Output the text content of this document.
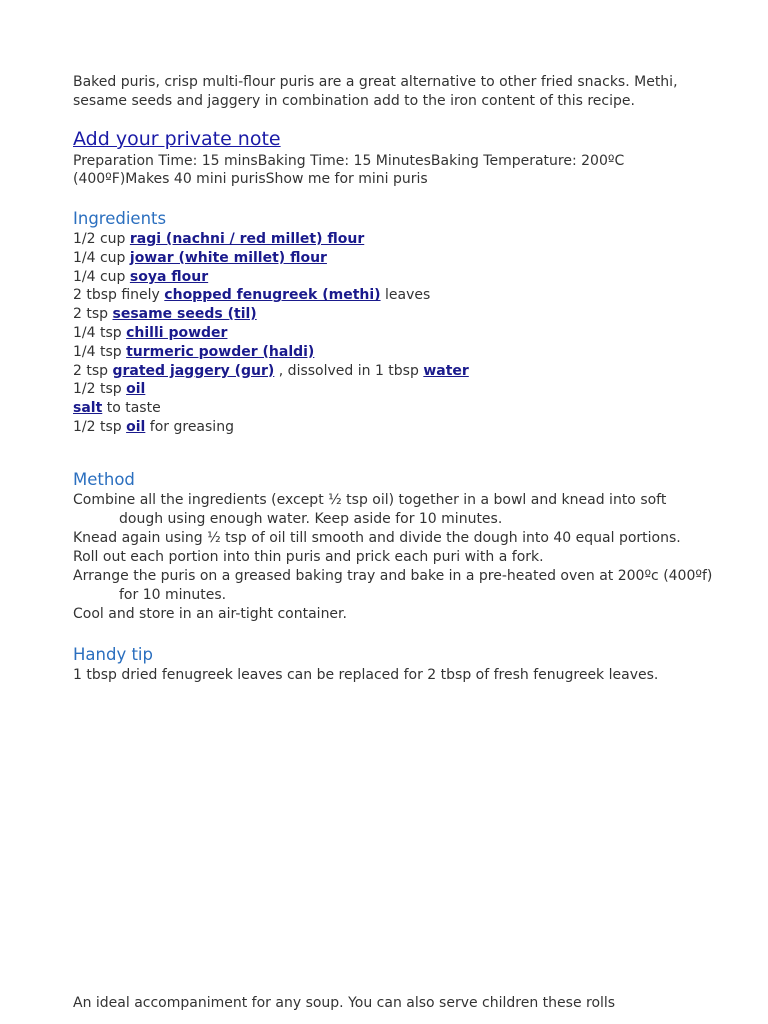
Baked puris, crisp multi-flour puris are a great alternative to other fried snacks. Methi, sesame seeds and jaggery in combination add to the iron content of this recipe.

Add your private note
Preparation Time: 15 minsBaking Time: 15 MinutesBaking Temperature: 200ºC (400ºF)Makes 40 mini purisShow me for mini puris
Ingredients
1/2 cup ragi (nachni / red millet) flour
1/4 cup jowar (white millet) flour
1/4 cup soya flour
2 tbsp finely chopped fenugreek (methi) leaves
2 tsp sesame seeds (til)
1/4 tsp chilli powder
1/4 tsp turmeric powder (haldi)
2 tsp grated jaggery (gur) , dissolved in 1 tbsp water
1/2 tsp oil
salt to taste
1/2 tsp oil for greasing
Method
Combine all the ingredients (except ½ tsp oil) together in a bowl and knead into soft dough using enough water. Keep aside for 10 minutes.
Knead again using ½ tsp of oil till smooth and divide the dough into 40 equal portions.
Roll out each portion into thin puris and prick each puri with a fork.
Arrange the puris on a greased baking tray and bake in a pre-heated oven at 200ºc (400ºf) for 10 minutes.
Cool and store in an air-tight container.
Handy tip
1 tbsp dried fenugreek leaves can be replaced for 2 tbsp of fresh fenugreek leaves.
An ideal accompaniment for any soup. You can also serve children these rolls
